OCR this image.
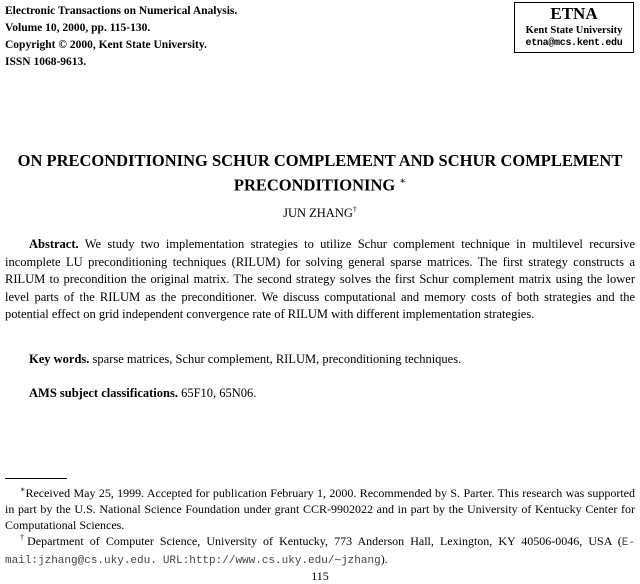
Electronic Transactions on Numerical Analysis.
Volume 10, 2000, pp. 115-130.
Copyright © 2000, Kent State University.
ISSN 1068-9613.
ETNA
Kent State University
etna@mcs.kent.edu
ON PRECONDITIONING SCHUR COMPLEMENT AND SCHUR COMPLEMENT
PRECONDITIONING ∗
JUN ZHANG†
Abstract. We study two implementation strategies to utilize Schur complement technique in multilevel recursive incomplete LU preconditioning techniques (RILUM) for solving general sparse matrices. The first strategy constructs a RILUM to precondition the original matrix. The second strategy solves the first Schur complement matrix using the lower level parts of the RILUM as the preconditioner. We discuss computational and memory costs of both strategies and the potential effect on grid independent convergence rate of RILUM with different implementation strategies.
Key words. sparse matrices, Schur complement, RILUM, preconditioning techniques.
AMS subject classifications. 65F10, 65N06.
∗Received May 25, 1999. Accepted for publication February 1, 2000. Recommended by S. Parter. This research was supported in part by the U.S. National Science Foundation under grant CCR-9902022 and in part by the University of Kentucky Center for Computational Sciences.
†Department of Computer Science, University of Kentucky, 773 Anderson Hall, Lexington, KY 40506-0046, USA (E-mail:jzhang@cs.uky.edu. URL:http://www.cs.uky.edu/∼jzhang).
115
